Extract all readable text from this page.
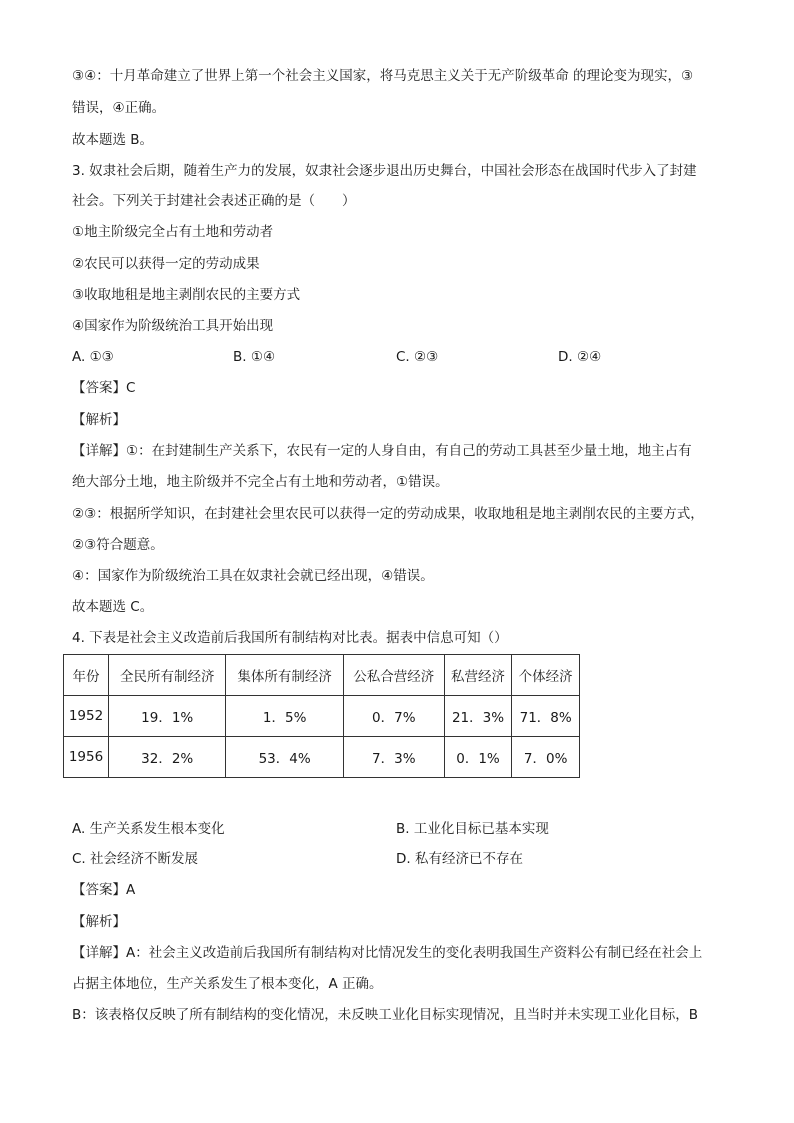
③④：十月革命建立了世界上第一个社会主义国家，将马克思主义关于无产阶级革命 的理论变为现实，③
错误，④正确。
故本题选 B。
3. 奴隶社会后期，随着生产力的发展，奴隶社会逐步退出历史舞台，中国社会形态在战国时代步入了封建
社会。下列关于封建社会表述正确的是（　　）
①地主阶级完全占有土地和劳动者
②农民可以获得一定的劳动成果
③收取地租是地主剥削农民的主要方式
④国家作为阶级统治工具开始出现
A. ①③	B. ①④	C. ②③	D. ②④
【答案】C
【解析】
【详解】①：在封建制生产关系下，农民有一定的人身自由，有自己的劳动工具甚至少量土地，地主占有
绝大部分土地，地主阶级并不完全占有土地和劳动者，①错误。
②③：根据所学知识，在封建社会里农民可以获得一定的劳动成果，收取地租是地主剥削农民的主要方式，
②③符合题意。
④：国家作为阶级统治工具在奴隶社会就已经出现，④错误。
故本题选 C。
4. 下表是社会主义改造前后我国所有制结构对比表。据表中信息可知（）
年份	全民所有制经济	集体所有制经济	公私合营经济	私营经济	个体经济
1952	19．1%	1．5%	0．7%	21．3%	71．8%
1956	32．2%	53．4%	7．3%	0．1%	7．0%
A. 生产关系发生根本变化	B. 工业化目标已基本实现
C. 社会经济不断发展	D. 私有经济已不存在
【答案】A
【解析】
【详解】A：社会主义改造前后我国所有制结构对比情况发生的变化表明我国生产资料公有制已经在社会上
占据主体地位，生产关系发生了根本变化，A 正确。
B：该表格仅反映了所有制结构的变化情况，未反映工业化目标实现情况，且当时并未实现工业化目标，B
